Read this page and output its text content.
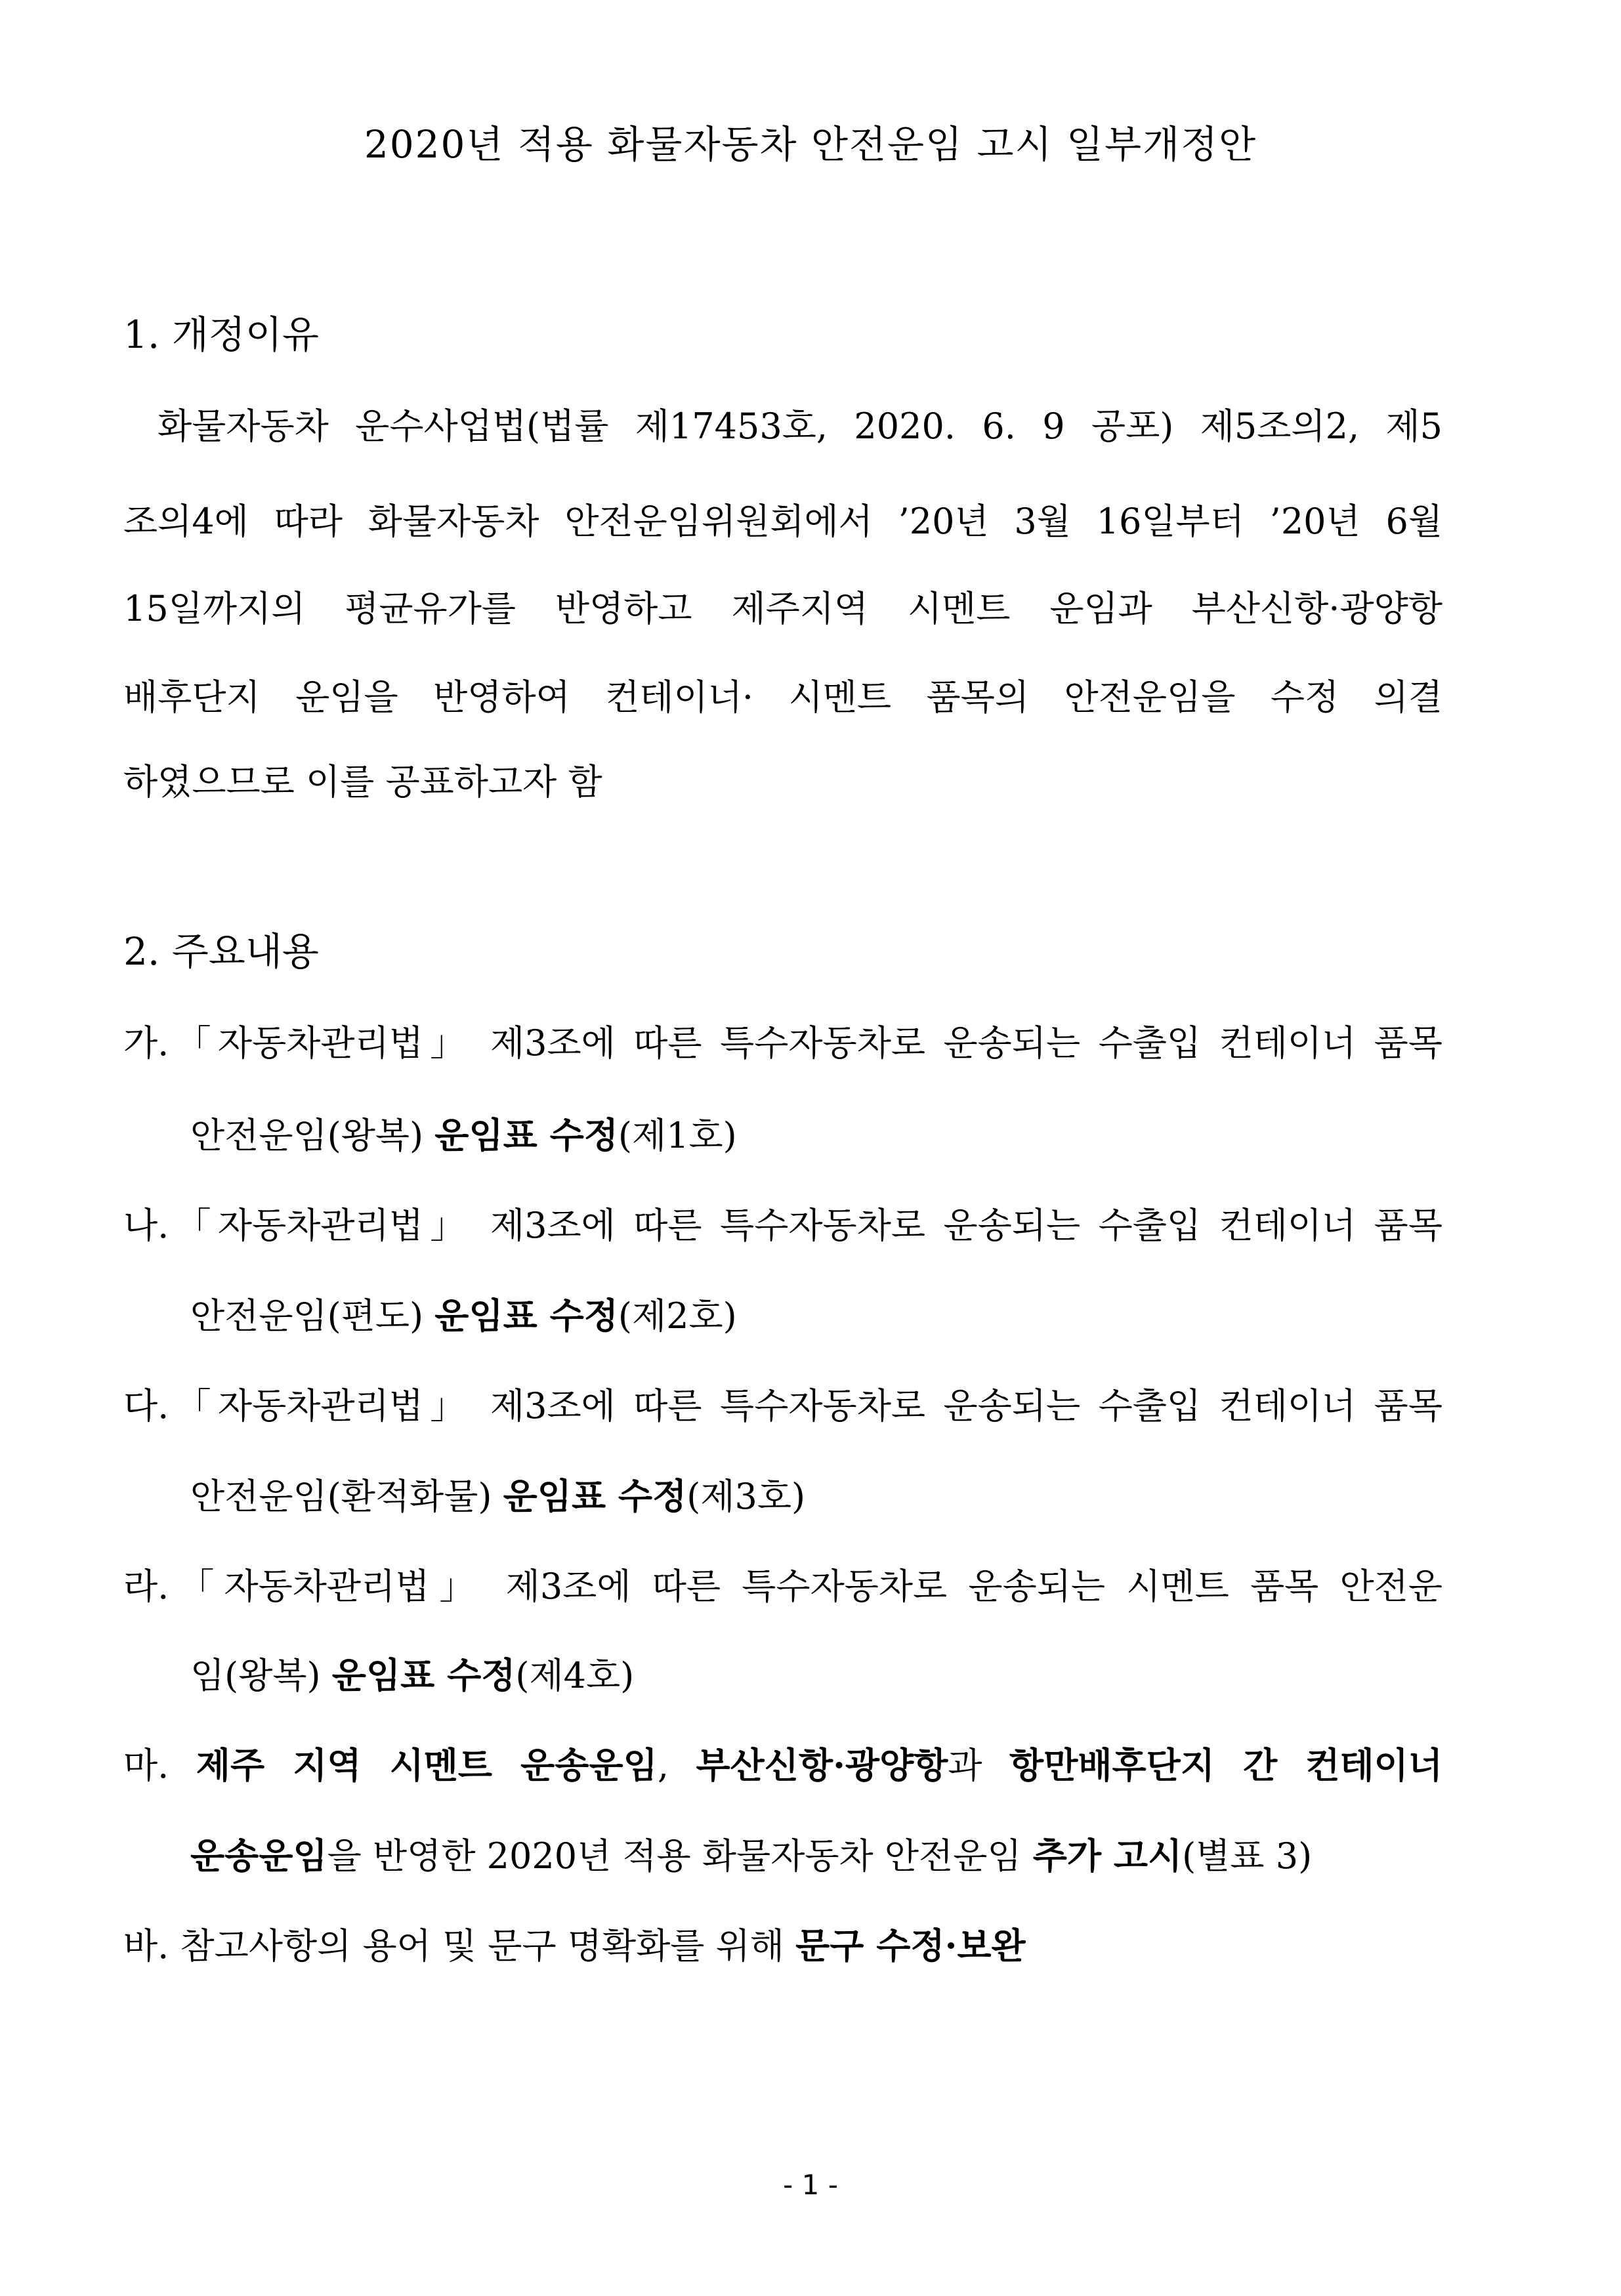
2020년 적용 화물자동차 안전운임 고시 일부개정안
1. 개정이유
화물자동차 운수사업법(법률 제17453호, 2020. 6. 9 공포) 제5조의2, 제5
조의4에 따라 화물자동차 안전운임위원회에서 ’20년 3월 16일부터 ’20년 6월
15일까지의 평균유가를 반영하고 제주지역 시멘트 운임과 부산신항·광양항
배후단지 운임을 반영하여 컨테이너· 시멘트 품목의 안전운임을 수정 의결
하였으므로 이를 공표하고자 함
2. 주요내용
가.「자동차관리법」 제3조에 따른 특수자동차로 운송되는 수출입 컨테이너 품목
안전운임(왕복) 운임표 수정(제1호)
나.「자동차관리법」 제3조에 따른 특수자동차로 운송되는 수출입 컨테이너 품목
안전운임(편도) 운임표 수정(제2호)
다.「자동차관리법」 제3조에 따른 특수자동차로 운송되는 수출입 컨테이너 품목
안전운임(환적화물) 운임표 수정(제3호)
라.「자동차관리법」 제3조에 따른 특수자동차로 운송되는 시멘트 품목 안전운
임(왕복) 운임표 수정(제4호)
마. 제주 지역 시멘트 운송운임, 부산신항·광양항과 항만배후단지 간 컨테이너
운송운임을 반영한 2020년 적용 화물자동차 안전운임 추가 고시(별표 3)
바. 참고사항의 용어 및 문구 명확화를 위해 문구 수정·보완
- 1 -
